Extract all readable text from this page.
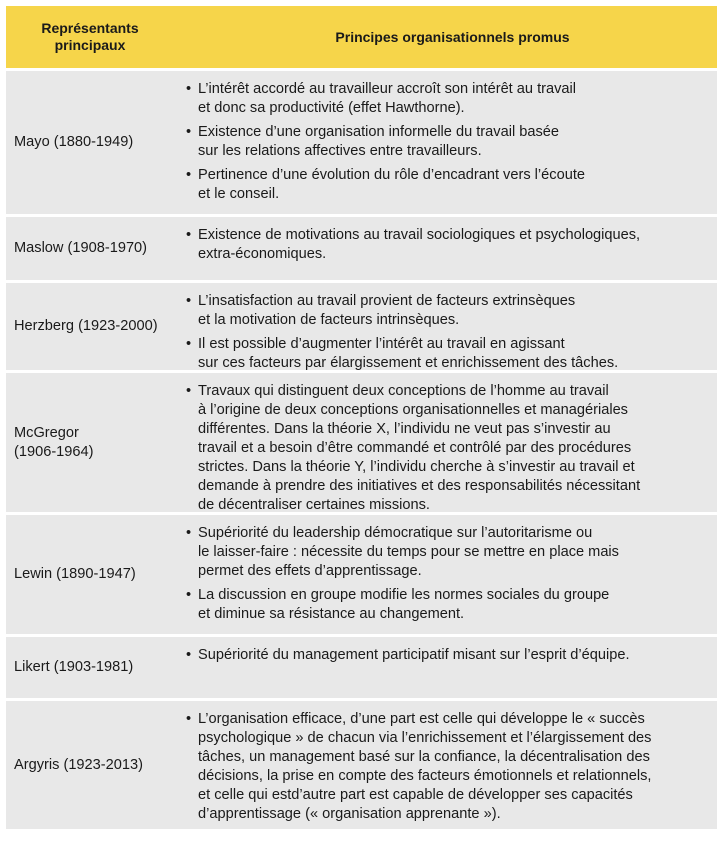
Représentants
principaux	Principes organisationnels promus
Mayo (1880-1949)
• L’intérêt accordé au travailleur accroît son intérêt au travail
et donc sa productivité (effet Hawthorne).
• Existence d’une organisation informelle du travail basée
sur les relations affectives entre travailleurs.
• Pertinence d’une évolution du rôle d’encadrant vers l’écoute
et le conseil.
Maslow (1908-1970)
• Existence de motivations au travail sociologiques et psychologiques,
extra-économiques.
Herzberg (1923-2000)
• L’insatisfaction au travail provient de facteurs extrinsèques
et la motivation de facteurs intrinsèques.
• Il est possible d’augmenter l’intérêt au travail en agissant
sur ces facteurs par élargissement et enrichissement des tâches.
McGregor
(1906-1964)
• Travaux qui distinguent deux conceptions de l’homme au travail
à l’origine de deux conceptions organisationnelles et managériales
différentes. Dans la théorie X, l’individu ne veut pas s’investir au
travail et a besoin d’être commandé et contrôlé par des procédures
strictes. Dans la théorie Y, l’individu cherche à s’investir au travail et
demande à prendre des initiatives et des responsabilités nécessitant
de décentraliser certaines missions.
Lewin (1890-1947)
• Supériorité du leadership démocratique sur l’autoritarisme ou
le laisser-faire : nécessite du temps pour se mettre en place mais
permet des effets d’apprentissage.
• La discussion en groupe modifie les normes sociales du groupe
et diminue sa résistance au changement.
Likert (1903-1981)
• Supériorité du management participatif misant sur l’esprit d’équipe.
Argyris (1923-2013)
• L’organisation efficace, d’une part est celle qui développe le « succès
psychologique » de chacun via l’enrichissement et l’élargissement des
tâches, un management basé sur la confiance, la décentralisation des
décisions, la prise en compte des facteurs émotionnels et relationnels,
et celle qui estd’autre part est capable de développer ses capacités
d’apprentissage (« organisation apprenante »).
